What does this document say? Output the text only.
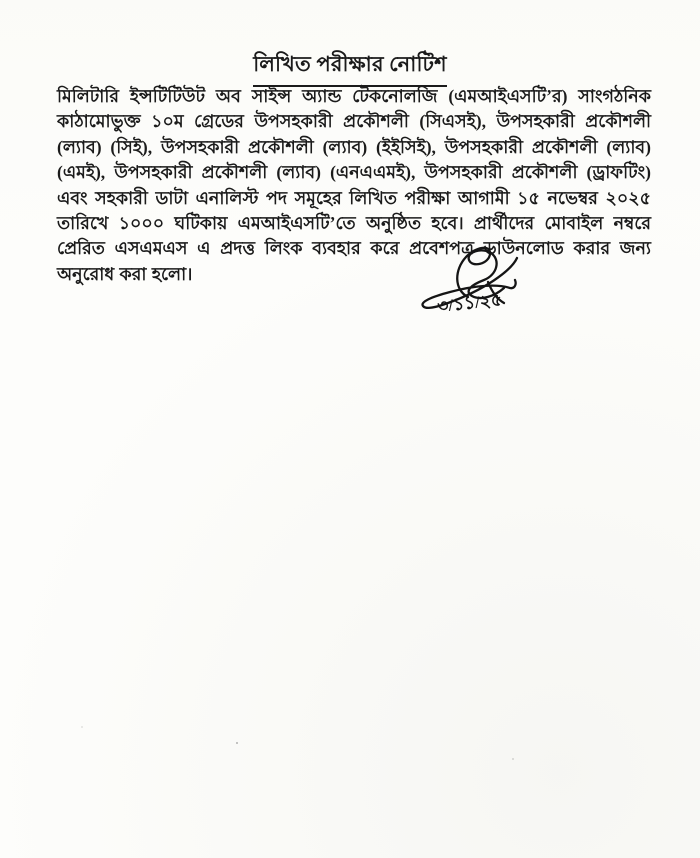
লিখিত পরীক্ষার নোটিশ

মিলিটারি ইন্সটিটিউট অব সাইন্স অ্যান্ড টেকনোলজি (এমআইএসটি’র) সাংগঠনিক কাঠামোভুক্ত ১০ম গ্রেডের উপসহকারী প্রকৌশলী (সিএসই), উপসহকারী প্রকৌশলী (ল্যাব) (সিই), উপসহকারী প্রকৌশলী (ল্যাব) (ইইসিই), উপসহকারী প্রকৌশলী (ল্যাব) (এমই), উপসহকারী প্রকৌশলী (ল্যাব) (এনএএমই), উপসহকারী প্রকৌশলী (ড্রাফটিং) এবং সহকারী ডাটা এনালিস্ট পদ সমূহের লিখিত পরীক্ষা আগামী ১৫ নভেম্বর ২০২৫ তারিখে ১০০০ ঘটিকায় এমআইএসটি’তে অনুষ্ঠিত হবে। প্রার্থীদের মোবাইল নম্বরে প্রেরিত এসএমএস এ প্রদত্ত লিংক ব্যবহার করে প্রবেশপত্র ডাউনলোড করার জন্য অনুরোধ করা হলো।

৩/১১/২৫
